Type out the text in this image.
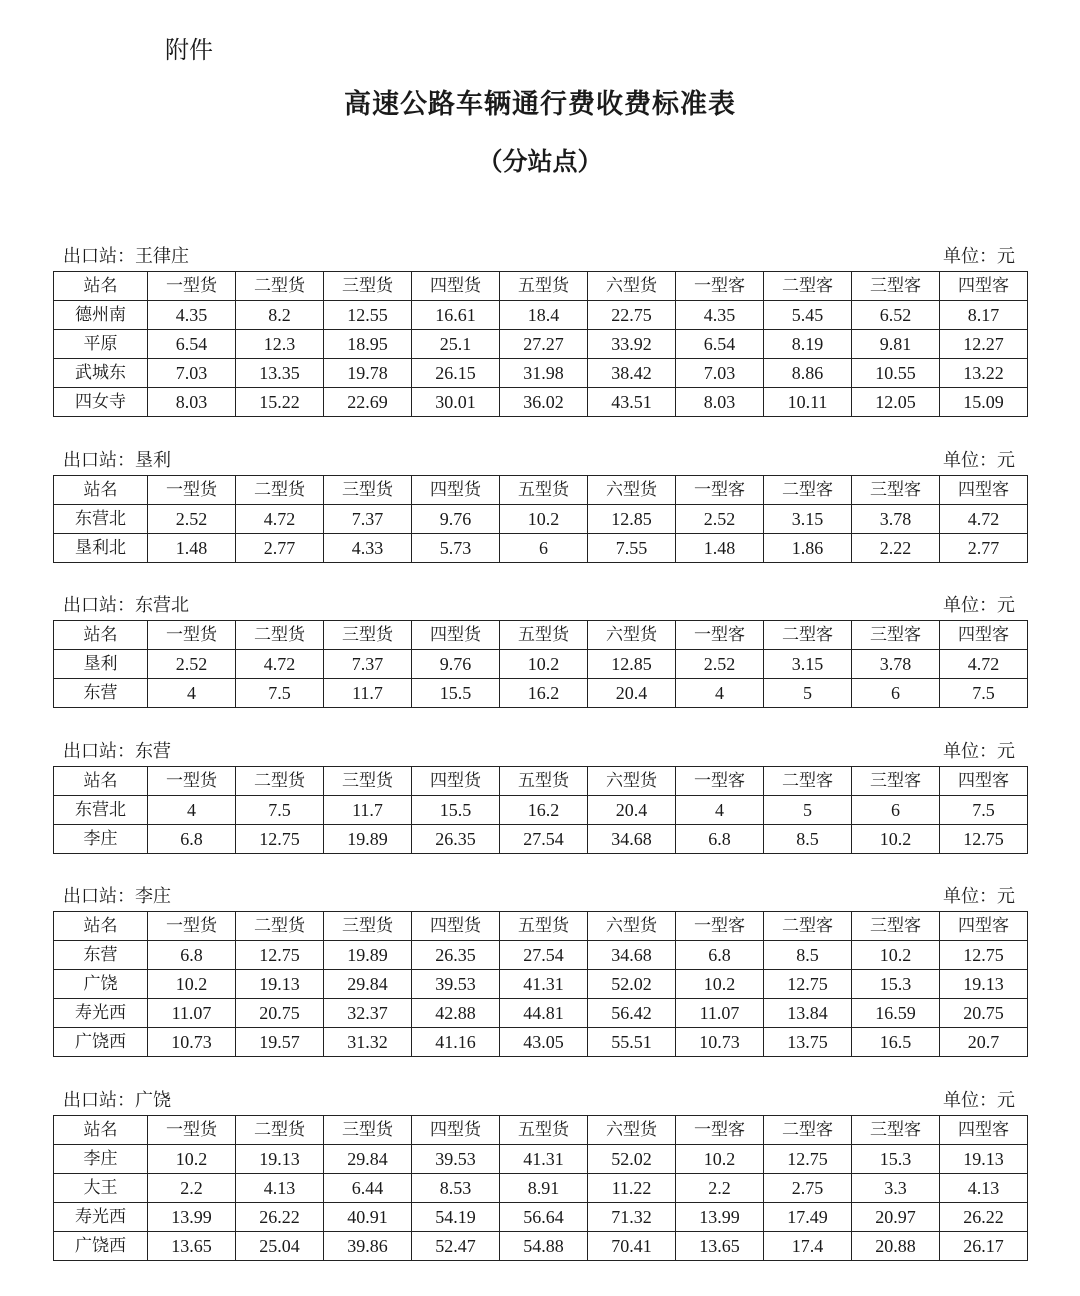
附件
高速公路车辆通行费收费标准表
（分站点）
出口站：王律庄	单位：元
站名	一型货	二型货	三型货	四型货	五型货	六型货	一型客	二型客	三型客	四型客
德州南	4.35	8.2	12.55	16.61	18.4	22.75	4.35	5.45	6.52	8.17
平原	6.54	12.3	18.95	25.1	27.27	33.92	6.54	8.19	9.81	12.27
武城东	7.03	13.35	19.78	26.15	31.98	38.42	7.03	8.86	10.55	13.22
四女寺	8.03	15.22	22.69	30.01	36.02	43.51	8.03	10.11	12.05	15.09
出口站：垦利	单位：元
站名	一型货	二型货	三型货	四型货	五型货	六型货	一型客	二型客	三型客	四型客
东营北	2.52	4.72	7.37	9.76	10.2	12.85	2.52	3.15	3.78	4.72
垦利北	1.48	2.77	4.33	5.73	6	7.55	1.48	1.86	2.22	2.77
出口站：东营北	单位：元
站名	一型货	二型货	三型货	四型货	五型货	六型货	一型客	二型客	三型客	四型客
垦利	2.52	4.72	7.37	9.76	10.2	12.85	2.52	3.15	3.78	4.72
东营	4	7.5	11.7	15.5	16.2	20.4	4	5	6	7.5
出口站：东营	单位：元
站名	一型货	二型货	三型货	四型货	五型货	六型货	一型客	二型客	三型客	四型客
东营北	4	7.5	11.7	15.5	16.2	20.4	4	5	6	7.5
李庄	6.8	12.75	19.89	26.35	27.54	34.68	6.8	8.5	10.2	12.75
出口站：李庄	单位：元
站名	一型货	二型货	三型货	四型货	五型货	六型货	一型客	二型客	三型客	四型客
东营	6.8	12.75	19.89	26.35	27.54	34.68	6.8	8.5	10.2	12.75
广饶	10.2	19.13	29.84	39.53	41.31	52.02	10.2	12.75	15.3	19.13
寿光西	11.07	20.75	32.37	42.88	44.81	56.42	11.07	13.84	16.59	20.75
广饶西	10.73	19.57	31.32	41.16	43.05	55.51	10.73	13.75	16.5	20.7
出口站：广饶	单位：元
站名	一型货	二型货	三型货	四型货	五型货	六型货	一型客	二型客	三型客	四型客
李庄	10.2	19.13	29.84	39.53	41.31	52.02	10.2	12.75	15.3	19.13
大王	2.2	4.13	6.44	8.53	8.91	11.22	2.2	2.75	3.3	4.13
寿光西	13.99	26.22	40.91	54.19	56.64	71.32	13.99	17.49	20.97	26.22
广饶西	13.65	25.04	39.86	52.47	54.88	70.41	13.65	17.4	20.88	26.17
